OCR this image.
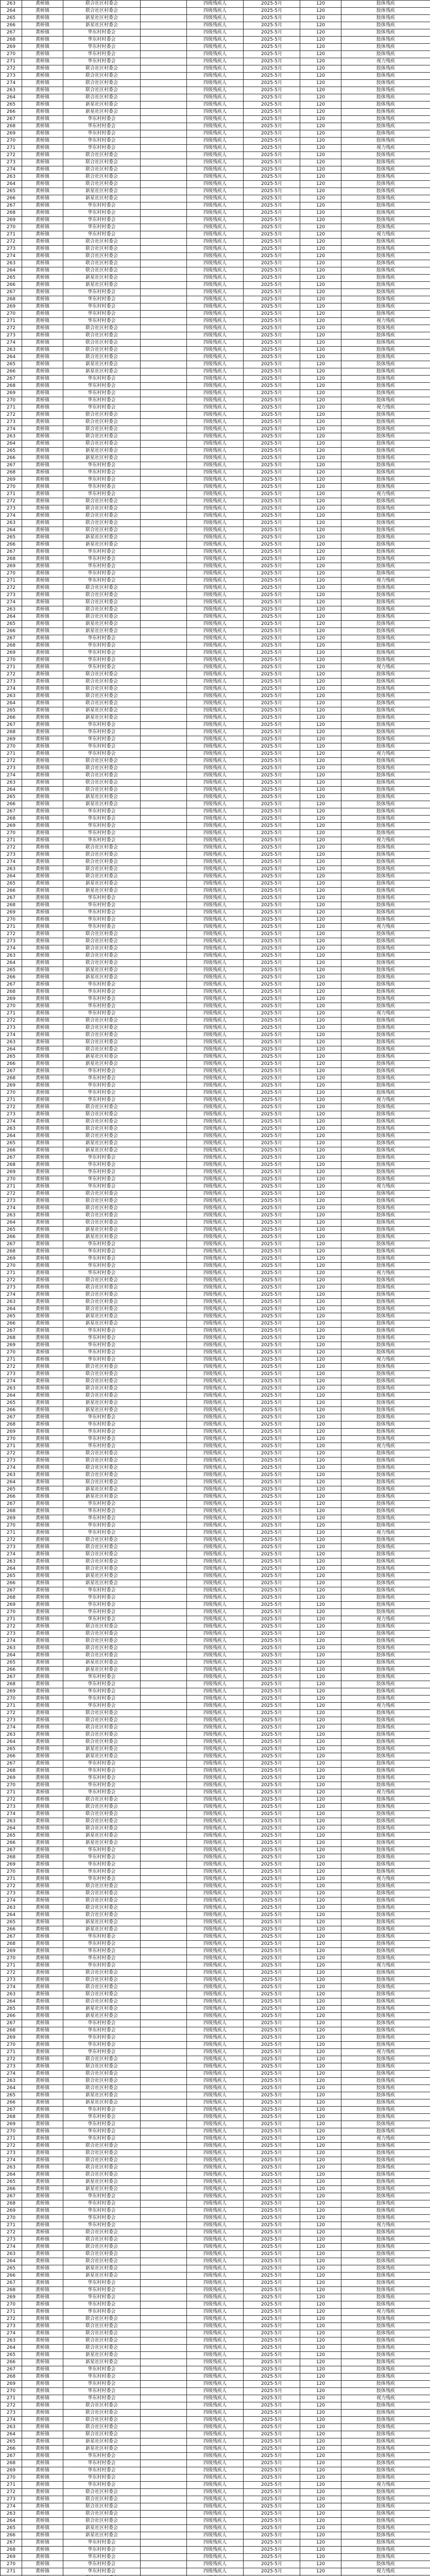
263	黄桥镇	联合社区村委会		四级残疾人	2025-5月	120	肢体残疾
264	黄桥镇	联合社区村委会		四级残疾人	2025-5月	120	肢体残疾
265	黄桥镇	新星社区村委会		四级残疾人	2025-5月	120	肢体残疾
266	黄桥镇	新星社区村委会		四级残疾人	2025-5月	120	肢体残疾
267	黄桥镇	华东村村委会		四级残疾人	2025-5月	120	肢体残疾
268	黄桥镇	华东村村委会		四级残疾人	2025-5月	120	肢体残疾
269	黄桥镇	华东村村委会		四级残疾人	2025-5月	120	肢体残疾
270	黄桥镇	华东村村委会		四级残疾人	2025-5月	120	肢体残疾
271	黄桥镇	华东村村委会		四级残疾人	2025-5月	120	视力残疾
272	黄桥镇	联合社区村委会		四级残疾人	2025-5月	120	肢体残疾
273	黄桥镇	联合社区村委会		四级残疾人	2025-5月	120	肢体残疾
274	黄桥镇	联合社区村委会		四级残疾人	2025-5月	120	肢体残疾
263	黄桥镇	联合社区村委会		四级残疾人	2025-5月	120	肢体残疾
264	黄桥镇	联合社区村委会		四级残疾人	2025-5月	120	肢体残疾
265	黄桥镇	新星社区村委会		四级残疾人	2025-5月	120	肢体残疾
266	黄桥镇	新星社区村委会		四级残疾人	2025-5月	120	肢体残疾
267	黄桥镇	华东村村委会		四级残疾人	2025-5月	120	肢体残疾
268	黄桥镇	华东村村委会		四级残疾人	2025-5月	120	肢体残疾
269	黄桥镇	华东村村委会		四级残疾人	2025-5月	120	肢体残疾
270	黄桥镇	华东村村委会		四级残疾人	2025-5月	120	肢体残疾
271	黄桥镇	华东村村委会		四级残疾人	2025-5月	120	视力残疾
272	黄桥镇	联合社区村委会		四级残疾人	2025-5月	120	肢体残疾
273	黄桥镇	联合社区村委会		四级残疾人	2025-5月	120	肢体残疾
274	黄桥镇	联合社区村委会		四级残疾人	2025-5月	120	肢体残疾
263	黄桥镇	联合社区村委会		四级残疾人	2025-5月	120	肢体残疾
264	黄桥镇	联合社区村委会		四级残疾人	2025-5月	120	肢体残疾
265	黄桥镇	新星社区村委会		四级残疾人	2025-5月	120	肢体残疾
266	黄桥镇	新星社区村委会		四级残疾人	2025-5月	120	肢体残疾
267	黄桥镇	华东村村委会		四级残疾人	2025-5月	120	肢体残疾
268	黄桥镇	华东村村委会		四级残疾人	2025-5月	120	肢体残疾
269	黄桥镇	华东村村委会		四级残疾人	2025-5月	120	肢体残疾
270	黄桥镇	华东村村委会		四级残疾人	2025-5月	120	肢体残疾
271	黄桥镇	华东村村委会		四级残疾人	2025-5月	120	视力残疾
272	黄桥镇	联合社区村委会		四级残疾人	2025-5月	120	肢体残疾
273	黄桥镇	联合社区村委会		四级残疾人	2025-5月	120	肢体残疾
274	黄桥镇	联合社区村委会		四级残疾人	2025-5月	120	肢体残疾
263	黄桥镇	联合社区村委会		四级残疾人	2025-5月	120	肢体残疾
264	黄桥镇	联合社区村委会		四级残疾人	2025-5月	120	肢体残疾
265	黄桥镇	新星社区村委会		四级残疾人	2025-5月	120	肢体残疾
266	黄桥镇	新星社区村委会		四级残疾人	2025-5月	120	肢体残疾
267	黄桥镇	华东村村委会		四级残疾人	2025-5月	120	肢体残疾
268	黄桥镇	华东村村委会		四级残疾人	2025-5月	120	肢体残疾
269	黄桥镇	华东村村委会		四级残疾人	2025-5月	120	肢体残疾
270	黄桥镇	华东村村委会		四级残疾人	2025-5月	120	肢体残疾
271	黄桥镇	华东村村委会		四级残疾人	2025-5月	120	视力残疾
272	黄桥镇	联合社区村委会		四级残疾人	2025-5月	120	肢体残疾
273	黄桥镇	联合社区村委会		四级残疾人	2025-5月	120	肢体残疾
274	黄桥镇	联合社区村委会		四级残疾人	2025-5月	120	肢体残疾
263	黄桥镇	联合社区村委会		四级残疾人	2025-5月	120	肢体残疾
264	黄桥镇	联合社区村委会		四级残疾人	2025-5月	120	肢体残疾
265	黄桥镇	新星社区村委会		四级残疾人	2025-5月	120	肢体残疾
266	黄桥镇	新星社区村委会		四级残疾人	2025-5月	120	肢体残疾
267	黄桥镇	华东村村委会		四级残疾人	2025-5月	120	肢体残疾
268	黄桥镇	华东村村委会		四级残疾人	2025-5月	120	肢体残疾
269	黄桥镇	华东村村委会		四级残疾人	2025-5月	120	肢体残疾
270	黄桥镇	华东村村委会		四级残疾人	2025-5月	120	肢体残疾
271	黄桥镇	华东村村委会		四级残疾人	2025-5月	120	视力残疾
272	黄桥镇	联合社区村委会		四级残疾人	2025-5月	120	肢体残疾
273	黄桥镇	联合社区村委会		四级残疾人	2025-5月	120	肢体残疾
274	黄桥镇	联合社区村委会		四级残疾人	2025-5月	120	肢体残疾
263	黄桥镇	联合社区村委会		四级残疾人	2025-5月	120	肢体残疾
264	黄桥镇	联合社区村委会		四级残疾人	2025-5月	120	肢体残疾
265	黄桥镇	新星社区村委会		四级残疾人	2025-5月	120	肢体残疾
266	黄桥镇	新星社区村委会		四级残疾人	2025-5月	120	肢体残疾
267	黄桥镇	华东村村委会		四级残疾人	2025-5月	120	肢体残疾
268	黄桥镇	华东村村委会		四级残疾人	2025-5月	120	肢体残疾
269	黄桥镇	华东村村委会		四级残疾人	2025-5月	120	肢体残疾
270	黄桥镇	华东村村委会		四级残疾人	2025-5月	120	肢体残疾
271	黄桥镇	华东村村委会		四级残疾人	2025-5月	120	视力残疾
272	黄桥镇	联合社区村委会		四级残疾人	2025-5月	120	肢体残疾
273	黄桥镇	联合社区村委会		四级残疾人	2025-5月	120	肢体残疾
274	黄桥镇	联合社区村委会		四级残疾人	2025-5月	120	肢体残疾
263	黄桥镇	联合社区村委会		四级残疾人	2025-5月	120	肢体残疾
264	黄桥镇	联合社区村委会		四级残疾人	2025-5月	120	肢体残疾
265	黄桥镇	新星社区村委会		四级残疾人	2025-5月	120	肢体残疾
266	黄桥镇	新星社区村委会		四级残疾人	2025-5月	120	肢体残疾
267	黄桥镇	华东村村委会		四级残疾人	2025-5月	120	肢体残疾
268	黄桥镇	华东村村委会		四级残疾人	2025-5月	120	肢体残疾
269	黄桥镇	华东村村委会		四级残疾人	2025-5月	120	肢体残疾
270	黄桥镇	华东村村委会		四级残疾人	2025-5月	120	肢体残疾
271	黄桥镇	华东村村委会		四级残疾人	2025-5月	120	视力残疾
272	黄桥镇	联合社区村委会		四级残疾人	2025-5月	120	肢体残疾
273	黄桥镇	联合社区村委会		四级残疾人	2025-5月	120	肢体残疾
274	黄桥镇	联合社区村委会		四级残疾人	2025-5月	120	肢体残疾
263	黄桥镇	联合社区村委会		四级残疾人	2025-5月	120	肢体残疾
264	黄桥镇	联合社区村委会		四级残疾人	2025-5月	120	肢体残疾
265	黄桥镇	新星社区村委会		四级残疾人	2025-5月	120	肢体残疾
266	黄桥镇	新星社区村委会		四级残疾人	2025-5月	120	肢体残疾
267	黄桥镇	华东村村委会		四级残疾人	2025-5月	120	肢体残疾
268	黄桥镇	华东村村委会		四级残疾人	2025-5月	120	肢体残疾
269	黄桥镇	华东村村委会		四级残疾人	2025-5月	120	肢体残疾
270	黄桥镇	华东村村委会		四级残疾人	2025-5月	120	肢体残疾
271	黄桥镇	华东村村委会		四级残疾人	2025-5月	120	视力残疾
272	黄桥镇	联合社区村委会		四级残疾人	2025-5月	120	肢体残疾
273	黄桥镇	联合社区村委会		四级残疾人	2025-5月	120	肢体残疾
274	黄桥镇	联合社区村委会		四级残疾人	2025-5月	120	肢体残疾
263	黄桥镇	联合社区村委会		四级残疾人	2025-5月	120	肢体残疾
264	黄桥镇	联合社区村委会		四级残疾人	2025-5月	120	肢体残疾
265	黄桥镇	新星社区村委会		四级残疾人	2025-5月	120	肢体残疾
266	黄桥镇	新星社区村委会		四级残疾人	2025-5月	120	肢体残疾
267	黄桥镇	华东村村委会		四级残疾人	2025-5月	120	肢体残疾
268	黄桥镇	华东村村委会		四级残疾人	2025-5月	120	肢体残疾
269	黄桥镇	华东村村委会		四级残疾人	2025-5月	120	肢体残疾
270	黄桥镇	华东村村委会		四级残疾人	2025-5月	120	肢体残疾
271	黄桥镇	华东村村委会		四级残疾人	2025-5月	120	视力残疾
272	黄桥镇	联合社区村委会		四级残疾人	2025-5月	120	肢体残疾
273	黄桥镇	联合社区村委会		四级残疾人	2025-5月	120	肢体残疾
274	黄桥镇	联合社区村委会		四级残疾人	2025-5月	120	肢体残疾
263	黄桥镇	联合社区村委会		四级残疾人	2025-5月	120	肢体残疾
264	黄桥镇	联合社区村委会		四级残疾人	2025-5月	120	肢体残疾
265	黄桥镇	新星社区村委会		四级残疾人	2025-5月	120	肢体残疾
266	黄桥镇	新星社区村委会		四级残疾人	2025-5月	120	肢体残疾
267	黄桥镇	华东村村委会		四级残疾人	2025-5月	120	肢体残疾
268	黄桥镇	华东村村委会		四级残疾人	2025-5月	120	肢体残疾
269	黄桥镇	华东村村委会		四级残疾人	2025-5月	120	肢体残疾
270	黄桥镇	华东村村委会		四级残疾人	2025-5月	120	肢体残疾
271	黄桥镇	华东村村委会		四级残疾人	2025-5月	120	视力残疾
272	黄桥镇	联合社区村委会		四级残疾人	2025-5月	120	肢体残疾
273	黄桥镇	联合社区村委会		四级残疾人	2025-5月	120	肢体残疾
274	黄桥镇	联合社区村委会		四级残疾人	2025-5月	120	肢体残疾
263	黄桥镇	联合社区村委会		四级残疾人	2025-5月	120	肢体残疾
264	黄桥镇	联合社区村委会		四级残疾人	2025-5月	120	肢体残疾
265	黄桥镇	新星社区村委会		四级残疾人	2025-5月	120	肢体残疾
266	黄桥镇	新星社区村委会		四级残疾人	2025-5月	120	肢体残疾
267	黄桥镇	华东村村委会		四级残疾人	2025-5月	120	肢体残疾
268	黄桥镇	华东村村委会		四级残疾人	2025-5月	120	肢体残疾
269	黄桥镇	华东村村委会		四级残疾人	2025-5月	120	肢体残疾
270	黄桥镇	华东村村委会		四级残疾人	2025-5月	120	肢体残疾
271	黄桥镇	华东村村委会		四级残疾人	2025-5月	120	视力残疾
272	黄桥镇	联合社区村委会		四级残疾人	2025-5月	120	肢体残疾
273	黄桥镇	联合社区村委会		四级残疾人	2025-5月	120	肢体残疾
274	黄桥镇	联合社区村委会		四级残疾人	2025-5月	120	肢体残疾
263	黄桥镇	联合社区村委会		四级残疾人	2025-5月	120	肢体残疾
264	黄桥镇	联合社区村委会		四级残疾人	2025-5月	120	肢体残疾
265	黄桥镇	新星社区村委会		四级残疾人	2025-5月	120	肢体残疾
266	黄桥镇	新星社区村委会		四级残疾人	2025-5月	120	肢体残疾
267	黄桥镇	华东村村委会		四级残疾人	2025-5月	120	肢体残疾
268	黄桥镇	华东村村委会		四级残疾人	2025-5月	120	肢体残疾
269	黄桥镇	华东村村委会		四级残疾人	2025-5月	120	肢体残疾
270	黄桥镇	华东村村委会		四级残疾人	2025-5月	120	肢体残疾
271	黄桥镇	华东村村委会		四级残疾人	2025-5月	120	视力残疾
272	黄桥镇	联合社区村委会		四级残疾人	2025-5月	120	肢体残疾
273	黄桥镇	联合社区村委会		四级残疾人	2025-5月	120	肢体残疾
274	黄桥镇	联合社区村委会		四级残疾人	2025-5月	120	肢体残疾
263	黄桥镇	联合社区村委会		四级残疾人	2025-5月	120	肢体残疾
264	黄桥镇	联合社区村委会		四级残疾人	2025-5月	120	肢体残疾
265	黄桥镇	新星社区村委会		四级残疾人	2025-5月	120	肢体残疾
266	黄桥镇	新星社区村委会		四级残疾人	2025-5月	120	肢体残疾
267	黄桥镇	华东村村委会		四级残疾人	2025-5月	120	肢体残疾
268	黄桥镇	华东村村委会		四级残疾人	2025-5月	120	肢体残疾
269	黄桥镇	华东村村委会		四级残疾人	2025-5月	120	肢体残疾
270	黄桥镇	华东村村委会		四级残疾人	2025-5月	120	肢体残疾
271	黄桥镇	华东村村委会		四级残疾人	2025-5月	120	视力残疾
272	黄桥镇	联合社区村委会		四级残疾人	2025-5月	120	肢体残疾
273	黄桥镇	联合社区村委会		四级残疾人	2025-5月	120	肢体残疾
274	黄桥镇	联合社区村委会		四级残疾人	2025-5月	120	肢体残疾
263	黄桥镇	联合社区村委会		四级残疾人	2025-5月	120	肢体残疾
264	黄桥镇	联合社区村委会		四级残疾人	2025-5月	120	肢体残疾
265	黄桥镇	新星社区村委会		四级残疾人	2025-5月	120	肢体残疾
266	黄桥镇	新星社区村委会		四级残疾人	2025-5月	120	肢体残疾
267	黄桥镇	华东村村委会		四级残疾人	2025-5月	120	肢体残疾
268	黄桥镇	华东村村委会		四级残疾人	2025-5月	120	肢体残疾
269	黄桥镇	华东村村委会		四级残疾人	2025-5月	120	肢体残疾
270	黄桥镇	华东村村委会		四级残疾人	2025-5月	120	肢体残疾
271	黄桥镇	华东村村委会		四级残疾人	2025-5月	120	视力残疾
272	黄桥镇	联合社区村委会		四级残疾人	2025-5月	120	肢体残疾
273	黄桥镇	联合社区村委会		四级残疾人	2025-5月	120	肢体残疾
274	黄桥镇	联合社区村委会		四级残疾人	2025-5月	120	肢体残疾
263	黄桥镇	联合社区村委会		四级残疾人	2025-5月	120	肢体残疾
264	黄桥镇	联合社区村委会		四级残疾人	2025-5月	120	肢体残疾
265	黄桥镇	新星社区村委会		四级残疾人	2025-5月	120	肢体残疾
266	黄桥镇	新星社区村委会		四级残疾人	2025-5月	120	肢体残疾
267	黄桥镇	华东村村委会		四级残疾人	2025-5月	120	肢体残疾
268	黄桥镇	华东村村委会		四级残疾人	2025-5月	120	肢体残疾
269	黄桥镇	华东村村委会		四级残疾人	2025-5月	120	肢体残疾
270	黄桥镇	华东村村委会		四级残疾人	2025-5月	120	肢体残疾
271	黄桥镇	华东村村委会		四级残疾人	2025-5月	120	视力残疾
272	黄桥镇	联合社区村委会		四级残疾人	2025-5月	120	肢体残疾
273	黄桥镇	联合社区村委会		四级残疾人	2025-5月	120	肢体残疾
274	黄桥镇	联合社区村委会		四级残疾人	2025-5月	120	肢体残疾
263	黄桥镇	联合社区村委会		四级残疾人	2025-5月	120	肢体残疾
264	黄桥镇	联合社区村委会		四级残疾人	2025-5月	120	肢体残疾
265	黄桥镇	新星社区村委会		四级残疾人	2025-5月	120	肢体残疾
266	黄桥镇	新星社区村委会		四级残疾人	2025-5月	120	肢体残疾
267	黄桥镇	华东村村委会		四级残疾人	2025-5月	120	肢体残疾
268	黄桥镇	华东村村委会		四级残疾人	2025-5月	120	肢体残疾
269	黄桥镇	华东村村委会		四级残疾人	2025-5月	120	肢体残疾
270	黄桥镇	华东村村委会		四级残疾人	2025-5月	120	肢体残疾
271	黄桥镇	华东村村委会		四级残疾人	2025-5月	120	视力残疾
272	黄桥镇	联合社区村委会		四级残疾人	2025-5月	120	肢体残疾
273	黄桥镇	联合社区村委会		四级残疾人	2025-5月	120	肢体残疾
274	黄桥镇	联合社区村委会		四级残疾人	2025-5月	120	肢体残疾
263	黄桥镇	联合社区村委会		四级残疾人	2025-5月	120	肢体残疾
264	黄桥镇	联合社区村委会		四级残疾人	2025-5月	120	肢体残疾
265	黄桥镇	新星社区村委会		四级残疾人	2025-5月	120	肢体残疾
266	黄桥镇	新星社区村委会		四级残疾人	2025-5月	120	肢体残疾
267	黄桥镇	华东村村委会		四级残疾人	2025-5月	120	肢体残疾
268	黄桥镇	华东村村委会		四级残疾人	2025-5月	120	肢体残疾
269	黄桥镇	华东村村委会		四级残疾人	2025-5月	120	肢体残疾
270	黄桥镇	华东村村委会		四级残疾人	2025-5月	120	肢体残疾
271	黄桥镇	华东村村委会		四级残疾人	2025-5月	120	视力残疾
272	黄桥镇	联合社区村委会		四级残疾人	2025-5月	120	肢体残疾
273	黄桥镇	联合社区村委会		四级残疾人	2025-5月	120	肢体残疾
274	黄桥镇	联合社区村委会		四级残疾人	2025-5月	120	肢体残疾
263	黄桥镇	联合社区村委会		四级残疾人	2025-5月	120	肢体残疾
264	黄桥镇	联合社区村委会		四级残疾人	2025-5月	120	肢体残疾
265	黄桥镇	新星社区村委会		四级残疾人	2025-5月	120	肢体残疾
266	黄桥镇	新星社区村委会		四级残疾人	2025-5月	120	肢体残疾
267	黄桥镇	华东村村委会		四级残疾人	2025-5月	120	肢体残疾
268	黄桥镇	华东村村委会		四级残疾人	2025-5月	120	肢体残疾
269	黄桥镇	华东村村委会		四级残疾人	2025-5月	120	肢体残疾
270	黄桥镇	华东村村委会		四级残疾人	2025-5月	120	肢体残疾
271	黄桥镇	华东村村委会		四级残疾人	2025-5月	120	视力残疾
272	黄桥镇	联合社区村委会		四级残疾人	2025-5月	120	肢体残疾
273	黄桥镇	联合社区村委会		四级残疾人	2025-5月	120	肢体残疾
274	黄桥镇	联合社区村委会		四级残疾人	2025-5月	120	肢体残疾
263	黄桥镇	联合社区村委会		四级残疾人	2025-5月	120	肢体残疾
264	黄桥镇	联合社区村委会		四级残疾人	2025-5月	120	肢体残疾
265	黄桥镇	新星社区村委会		四级残疾人	2025-5月	120	肢体残疾
266	黄桥镇	新星社区村委会		四级残疾人	2025-5月	120	肢体残疾
267	黄桥镇	华东村村委会		四级残疾人	2025-5月	120	肢体残疾
268	黄桥镇	华东村村委会		四级残疾人	2025-5月	120	肢体残疾
269	黄桥镇	华东村村委会		四级残疾人	2025-5月	120	肢体残疾
270	黄桥镇	华东村村委会		四级残疾人	2025-5月	120	肢体残疾
271	黄桥镇	华东村村委会		四级残疾人	2025-5月	120	视力残疾
272	黄桥镇	联合社区村委会		四级残疾人	2025-5月	120	肢体残疾
273	黄桥镇	联合社区村委会		四级残疾人	2025-5月	120	肢体残疾
274	黄桥镇	联合社区村委会		四级残疾人	2025-5月	120	肢体残疾
263	黄桥镇	联合社区村委会		四级残疾人	2025-5月	120	肢体残疾
264	黄桥镇	联合社区村委会		四级残疾人	2025-5月	120	肢体残疾
265	黄桥镇	新星社区村委会		四级残疾人	2025-5月	120	肢体残疾
266	黄桥镇	新星社区村委会		四级残疾人	2025-5月	120	肢体残疾
267	黄桥镇	华东村村委会		四级残疾人	2025-5月	120	肢体残疾
268	黄桥镇	华东村村委会		四级残疾人	2025-5月	120	肢体残疾
269	黄桥镇	华东村村委会		四级残疾人	2025-5月	120	肢体残疾
270	黄桥镇	华东村村委会		四级残疾人	2025-5月	120	肢体残疾
271	黄桥镇	华东村村委会		四级残疾人	2025-5月	120	视力残疾
272	黄桥镇	联合社区村委会		四级残疾人	2025-5月	120	肢体残疾
273	黄桥镇	联合社区村委会		四级残疾人	2025-5月	120	肢体残疾
274	黄桥镇	联合社区村委会		四级残疾人	2025-5月	120	肢体残疾
263	黄桥镇	联合社区村委会		四级残疾人	2025-5月	120	肢体残疾
264	黄桥镇	联合社区村委会		四级残疾人	2025-5月	120	肢体残疾
265	黄桥镇	新星社区村委会		四级残疾人	2025-5月	120	肢体残疾
266	黄桥镇	新星社区村委会		四级残疾人	2025-5月	120	肢体残疾
267	黄桥镇	华东村村委会		四级残疾人	2025-5月	120	肢体残疾
268	黄桥镇	华东村村委会		四级残疾人	2025-5月	120	肢体残疾
269	黄桥镇	华东村村委会		四级残疾人	2025-5月	120	肢体残疾
270	黄桥镇	华东村村委会		四级残疾人	2025-5月	120	肢体残疾
271	黄桥镇	华东村村委会		四级残疾人	2025-5月	120	视力残疾
272	黄桥镇	联合社区村委会		四级残疾人	2025-5月	120	肢体残疾
273	黄桥镇	联合社区村委会		四级残疾人	2025-5月	120	肢体残疾
274	黄桥镇	联合社区村委会		四级残疾人	2025-5月	120	肢体残疾
263	黄桥镇	联合社区村委会		四级残疾人	2025-5月	120	肢体残疾
264	黄桥镇	联合社区村委会		四级残疾人	2025-5月	120	肢体残疾
265	黄桥镇	新星社区村委会		四级残疾人	2025-5月	120	肢体残疾
266	黄桥镇	新星社区村委会		四级残疾人	2025-5月	120	肢体残疾
267	黄桥镇	华东村村委会		四级残疾人	2025-5月	120	肢体残疾
268	黄桥镇	华东村村委会		四级残疾人	2025-5月	120	肢体残疾
269	黄桥镇	华东村村委会		四级残疾人	2025-5月	120	肢体残疾
270	黄桥镇	华东村村委会		四级残疾人	2025-5月	120	肢体残疾
271	黄桥镇	华东村村委会		四级残疾人	2025-5月	120	视力残疾
272	黄桥镇	联合社区村委会		四级残疾人	2025-5月	120	肢体残疾
273	黄桥镇	联合社区村委会		四级残疾人	2025-5月	120	肢体残疾
274	黄桥镇	联合社区村委会		四级残疾人	2025-5月	120	肢体残疾
263	黄桥镇	联合社区村委会		四级残疾人	2025-5月	120	肢体残疾
264	黄桥镇	联合社区村委会		四级残疾人	2025-5月	120	肢体残疾
265	黄桥镇	新星社区村委会		四级残疾人	2025-5月	120	肢体残疾
266	黄桥镇	新星社区村委会		四级残疾人	2025-5月	120	肢体残疾
267	黄桥镇	华东村村委会		四级残疾人	2025-5月	120	肢体残疾
268	黄桥镇	华东村村委会		四级残疾人	2025-5月	120	肢体残疾
269	黄桥镇	华东村村委会		四级残疾人	2025-5月	120	肢体残疾
270	黄桥镇	华东村村委会		四级残疾人	2025-5月	120	肢体残疾
271	黄桥镇	华东村村委会		四级残疾人	2025-5月	120	视力残疾
272	黄桥镇	联合社区村委会		四级残疾人	2025-5月	120	肢体残疾
273	黄桥镇	联合社区村委会		四级残疾人	2025-5月	120	肢体残疾
274	黄桥镇	联合社区村委会		四级残疾人	2025-5月	120	肢体残疾
263	黄桥镇	联合社区村委会		四级残疾人	2025-5月	120	肢体残疾
264	黄桥镇	联合社区村委会		四级残疾人	2025-5月	120	肢体残疾
265	黄桥镇	新星社区村委会		四级残疾人	2025-5月	120	肢体残疾
266	黄桥镇	新星社区村委会		四级残疾人	2025-5月	120	肢体残疾
267	黄桥镇	华东村村委会		四级残疾人	2025-5月	120	肢体残疾
268	黄桥镇	华东村村委会		四级残疾人	2025-5月	120	肢体残疾
269	黄桥镇	华东村村委会		四级残疾人	2025-5月	120	肢体残疾
270	黄桥镇	华东村村委会		四级残疾人	2025-5月	120	肢体残疾
271	黄桥镇	华东村村委会		四级残疾人	2025-5月	120	视力残疾
272	黄桥镇	联合社区村委会		四级残疾人	2025-5月	120	肢体残疾
273	黄桥镇	联合社区村委会		四级残疾人	2025-5月	120	肢体残疾
274	黄桥镇	联合社区村委会		四级残疾人	2025-5月	120	肢体残疾
263	黄桥镇	联合社区村委会		四级残疾人	2025-5月	120	肢体残疾
264	黄桥镇	联合社区村委会		四级残疾人	2025-5月	120	肢体残疾
265	黄桥镇	新星社区村委会		四级残疾人	2025-5月	120	肢体残疾
266	黄桥镇	新星社区村委会		四级残疾人	2025-5月	120	肢体残疾
267	黄桥镇	华东村村委会		四级残疾人	2025-5月	120	肢体残疾
268	黄桥镇	华东村村委会		四级残疾人	2025-5月	120	肢体残疾
269	黄桥镇	华东村村委会		四级残疾人	2025-5月	120	肢体残疾
270	黄桥镇	华东村村委会		四级残疾人	2025-5月	120	肢体残疾
271	黄桥镇	华东村村委会		四级残疾人	2025-5月	120	视力残疾
272	黄桥镇	联合社区村委会		四级残疾人	2025-5月	120	肢体残疾
273	黄桥镇	联合社区村委会		四级残疾人	2025-5月	120	肢体残疾
274	黄桥镇	联合社区村委会		四级残疾人	2025-5月	120	肢体残疾
263	黄桥镇	联合社区村委会		四级残疾人	2025-5月	120	肢体残疾
264	黄桥镇	联合社区村委会		四级残疾人	2025-5月	120	肢体残疾
265	黄桥镇	新星社区村委会		四级残疾人	2025-5月	120	肢体残疾
266	黄桥镇	新星社区村委会		四级残疾人	2025-5月	120	肢体残疾
267	黄桥镇	华东村村委会		四级残疾人	2025-5月	120	肢体残疾
268	黄桥镇	华东村村委会		四级残疾人	2025-5月	120	肢体残疾
269	黄桥镇	华东村村委会		四级残疾人	2025-5月	120	肢体残疾
270	黄桥镇	华东村村委会		四级残疾人	2025-5月	120	肢体残疾
271	黄桥镇	华东村村委会		四级残疾人	2025-5月	120	视力残疾
272	黄桥镇	联合社区村委会		四级残疾人	2025-5月	120	肢体残疾
273	黄桥镇	联合社区村委会		四级残疾人	2025-5月	120	肢体残疾
274	黄桥镇	联合社区村委会		四级残疾人	2025-5月	120	肢体残疾
263	黄桥镇	联合社区村委会		四级残疾人	2025-5月	120	肢体残疾
264	黄桥镇	联合社区村委会		四级残疾人	2025-5月	120	肢体残疾
265	黄桥镇	新星社区村委会		四级残疾人	2025-5月	120	肢体残疾
266	黄桥镇	新星社区村委会		四级残疾人	2025-5月	120	肢体残疾
267	黄桥镇	华东村村委会		四级残疾人	2025-5月	120	肢体残疾
268	黄桥镇	华东村村委会		四级残疾人	2025-5月	120	肢体残疾
269	黄桥镇	华东村村委会		四级残疾人	2025-5月	120	肢体残疾
270	黄桥镇	华东村村委会		四级残疾人	2025-5月	120	肢体残疾
271	黄桥镇	华东村村委会		四级残疾人	2025-5月	120	视力残疾
272	黄桥镇	联合社区村委会		四级残疾人	2025-5月	120	肢体残疾
273	黄桥镇	联合社区村委会		四级残疾人	2025-5月	120	肢体残疾
274	黄桥镇	联合社区村委会		四级残疾人	2025-5月	120	肢体残疾
263	黄桥镇	联合社区村委会		四级残疾人	2025-5月	120	肢体残疾
264	黄桥镇	联合社区村委会		四级残疾人	2025-5月	120	肢体残疾
265	黄桥镇	新星社区村委会		四级残疾人	2025-5月	120	肢体残疾
266	黄桥镇	新星社区村委会		四级残疾人	2025-5月	120	肢体残疾
267	黄桥镇	华东村村委会		四级残疾人	2025-5月	120	肢体残疾
268	黄桥镇	华东村村委会		四级残疾人	2025-5月	120	肢体残疾
269	黄桥镇	华东村村委会		四级残疾人	2025-5月	120	肢体残疾
270	黄桥镇	华东村村委会		四级残疾人	2025-5月	120	肢体残疾
271	黄桥镇	华东村村委会		四级残疾人	2025-5月	120	视力残疾
272	黄桥镇	联合社区村委会		四级残疾人	2025-5月	120	肢体残疾
273	黄桥镇	联合社区村委会		四级残疾人	2025-5月	120	肢体残疾
274	黄桥镇	联合社区村委会		四级残疾人	2025-5月	120	肢体残疾
263	黄桥镇	联合社区村委会		四级残疾人	2025-5月	120	肢体残疾
264	黄桥镇	联合社区村委会		四级残疾人	2025-5月	120	肢体残疾
265	黄桥镇	新星社区村委会		四级残疾人	2025-5月	120	肢体残疾
266	黄桥镇	新星社区村委会		四级残疾人	2025-5月	120	肢体残疾
267	黄桥镇	华东村村委会		四级残疾人	2025-5月	120	肢体残疾
268	黄桥镇	华东村村委会		四级残疾人	2025-5月	120	肢体残疾
269	黄桥镇	华东村村委会		四级残疾人	2025-5月	120	肢体残疾
270	黄桥镇	华东村村委会		四级残疾人	2025-5月	120	肢体残疾
271	黄桥镇	华东村村委会		四级残疾人	2025-5月	120	视力残疾
272	黄桥镇	联合社区村委会		四级残疾人	2025-5月	120	肢体残疾
273	黄桥镇	联合社区村委会		四级残疾人	2025-5月	120	肢体残疾
274	黄桥镇	联合社区村委会		四级残疾人	2025-5月	120	肢体残疾
263	黄桥镇	联合社区村委会		四级残疾人	2025-5月	120	肢体残疾
264	黄桥镇	联合社区村委会		四级残疾人	2025-5月	120	肢体残疾
265	黄桥镇	新星社区村委会		四级残疾人	2025-5月	120	肢体残疾
266	黄桥镇	新星社区村委会		四级残疾人	2025-5月	120	肢体残疾
267	黄桥镇	华东村村委会		四级残疾人	2025-5月	120	肢体残疾
268	黄桥镇	华东村村委会		四级残疾人	2025-5月	120	肢体残疾
269	黄桥镇	华东村村委会		四级残疾人	2025-5月	120	肢体残疾
270	黄桥镇	华东村村委会		四级残疾人	2025-5月	120	肢体残疾
271	黄桥镇	华东村村委会		四级残疾人	2025-5月	120	视力残疾
